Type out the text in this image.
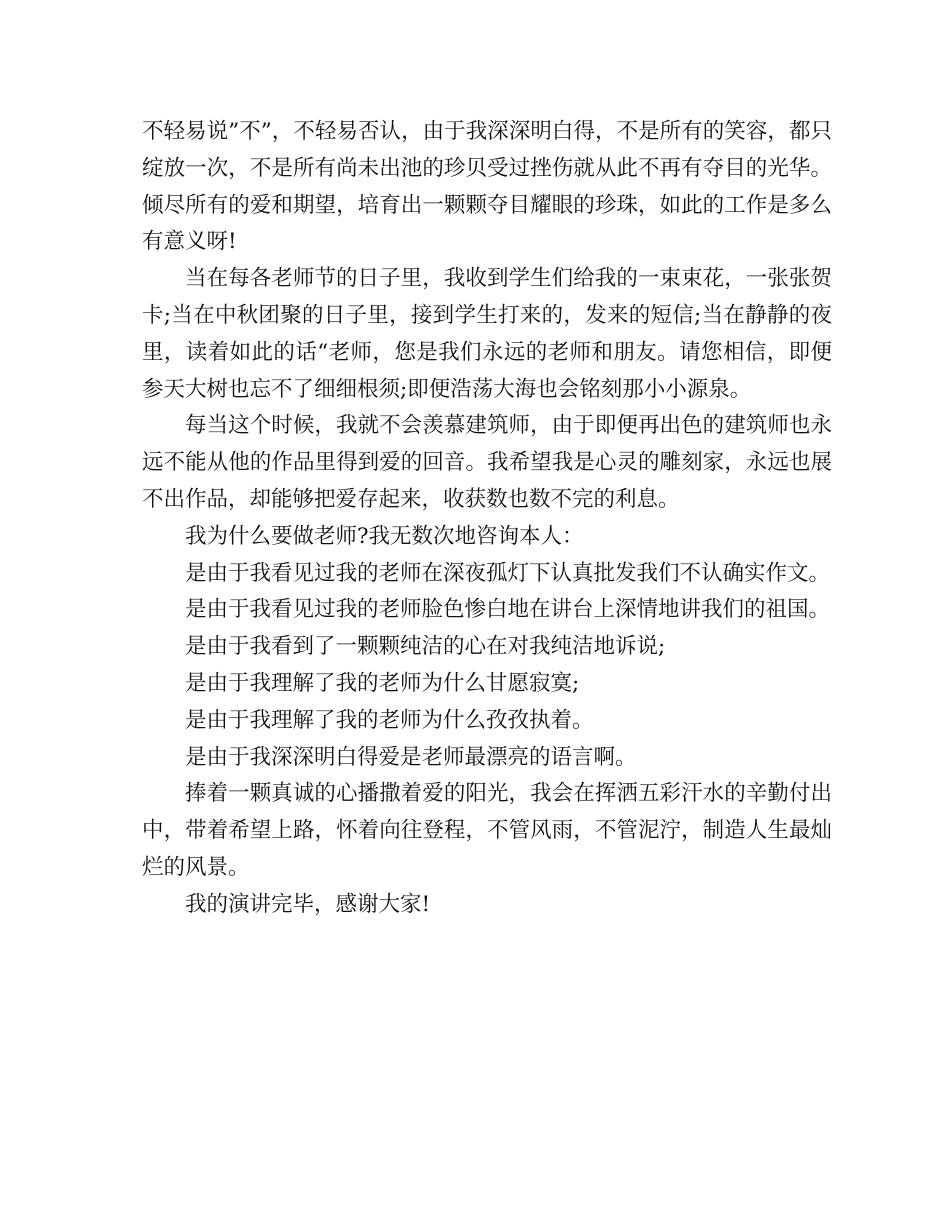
不轻易说”不”，不轻易否认，由于我深深明白得，不是所有的笑容，都只绽放一次，不是所有尚未出池的珍贝受过挫伤就从此不再有夺目的光华。倾尽所有的爱和期望，培育出一颗颗夺目耀眼的珍珠，如此的工作是多么有意义呀!

当在每各老师节的日子里，我收到学生们给我的一束束花，一张张贺卡;当在中秋团聚的日子里，接到学生打来的，发来的短信;当在静静的夜里，读着如此的话“老师，您是我们永远的老师和朋友。请您相信，即便参天大树也忘不了细细根须;即便浩荡大海也会铭刻那小小源泉。

每当这个时候，我就不会羡慕建筑师，由于即便再出色的建筑师也永远不能从他的作品里得到爱的回音。我希望我是心灵的雕刻家，永远也展不出作品，却能够把爱存起来，收获数也数不完的利息。

我为什么要做老师?我无数次地咨询本人：

是由于我看见过我的老师在深夜孤灯下认真批发我们不认确实作文。

是由于我看见过我的老师脸色惨白地在讲台上深情地讲我们的祖国。

是由于我看到了一颗颗纯洁的心在对我纯洁地诉说;

是由于我理解了我的老师为什么甘愿寂寞;

是由于我理解了我的老师为什么孜孜执着。

是由于我深深明白得爱是老师最漂亮的语言啊。

捧着一颗真诚的心播撒着爱的阳光，我会在挥洒五彩汗水的辛勤付出中，带着希望上路，怀着向往登程，不管风雨，不管泥泞，制造人生最灿烂的风景。

我的演讲完毕，感谢大家!
